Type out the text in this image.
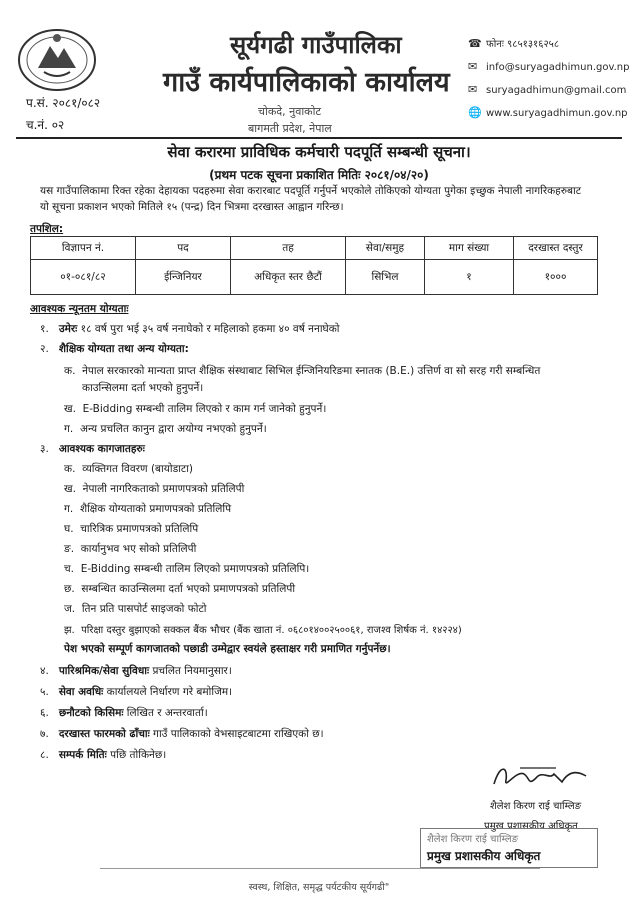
प.सं. २०८१/०८२
च.नं. ०२
सूर्यगढी गाउँपालिका
गाउँ कार्यपालिकाको कार्यालय
चोकदे, नुवाकोट
बागमती प्रदेश, नेपाल
☎ फोनः ९८५१३१६२५८
✉ info@suryagadhimun.gov.np
✉ suryagadhimun@gmail.com
🌐 www.suryagadhimun.gov.np
सेवा करारमा प्राविधिक कर्मचारी पदपूर्ति सम्बन्धी सूचना।
(प्रथम पटक सूचना प्रकाशित मितिः २०८१/०४/२०)
यस गाउँपालिकामा रिक्त रहेका देहायका पदहरुमा सेवा करारबाट पदपूर्ति गर्नुपर्ने भएकोले तोकिएको योग्यता पुगेका इच्छुक नेपाली नागरिकहरुबाट
यो सूचना प्रकाशन भएको मितिले १५ (पन्द्र) दिन भित्रमा दरखास्त आह्वान गरिन्छ।
तपशिल:
विज्ञापन नं.	पद	तह	सेवा/समुह	माग संख्या	दरखास्त दस्तुर
०१-०८१/८२	ईन्जिनियर	अधिकृत स्तर छैटौं	सिभिल	१	१०००
आवश्यक न्यूनतम योग्यताः
१. उमेरः १८ वर्ष पुरा भई ३५ वर्ष ननाघेको र महिलाको हकमा ४० वर्ष ननाघेको
२. शैक्षिक योग्यता तथा अन्य योग्यता:
क. नेपाल सरकारको मान्यता प्राप्त शैक्षिक संस्थाबाट सिभिल ईन्जिनियरिङमा स्नातक (B.E.) उत्तिर्ण वा सो सरह गरी सम्बन्धित
काउन्सिलमा दर्ता भएको हुनुपर्ने।
ख. E-Bidding सम्बन्धी तालिम लिएको र काम गर्न जानेको हुनुपर्ने।
ग. अन्य प्रचलित कानुन द्वारा अयोग्य नभएको हुनुपर्ने।
३. आवश्यक कागजातहरुः
क. व्यक्तिगत विवरण (बायोडाटा)
ख. नेपाली नागरिकताको प्रमाणपत्रको प्रतिलिपी
ग. शैक्षिक योग्यताको प्रमाणपत्रको प्रतिलिपि
घ. चारित्रिक प्रमाणपत्रको प्रतिलिपि
ङ. कार्यानुभव भए सोको प्रतिलिपी
च. E-Bidding सम्बन्धी तालिम लिएको प्रमाणपत्रको प्रतिलिपि।
छ. सम्बन्धित काउन्सिलमा दर्ता भएको प्रमाणपत्रको प्रतिलिपी
ज. तिन प्रति पासपोर्ट साइजको फोटो
झ. परिक्षा दस्तुर बुझाएको सक्कल बैंक भौचर (बैंक खाता नं. ०६८०१४००२५००६१, राजश्व शिर्षक नं. १४२२४)
पेश भएको सम्पूर्ण कागजातको पछाडी उम्मेद्वार स्वयंले हस्ताक्षर गरी प्रमाणित गर्नुपर्नेछ।
४. पारिश्रमिक/सेवा सुविधाः प्रचलित नियमानुसार।
५. सेवा अवधिः कार्यालयले निर्धारण गरे बमोजिम।
६. छनौटको किसिमः लिखित र अन्तरवार्ता।
७. दरखास्त फारमको ढाँचाः गाउँ पालिकाको वेभसाइटबाटमा राखिएको छ।
८. सम्पर्क मितिः पछि तोकिनेछ।
शैलेश किरण राई चाम्लिङ
प्रमुख प्रशासकीय अधिकृत
शैलेश किरण राई चाम्लिङ
प्रमुख प्रशासकीय अधिकृत
स्वस्थ, शिक्षित, समृद्ध पर्यटकीय सूर्यगढी"
